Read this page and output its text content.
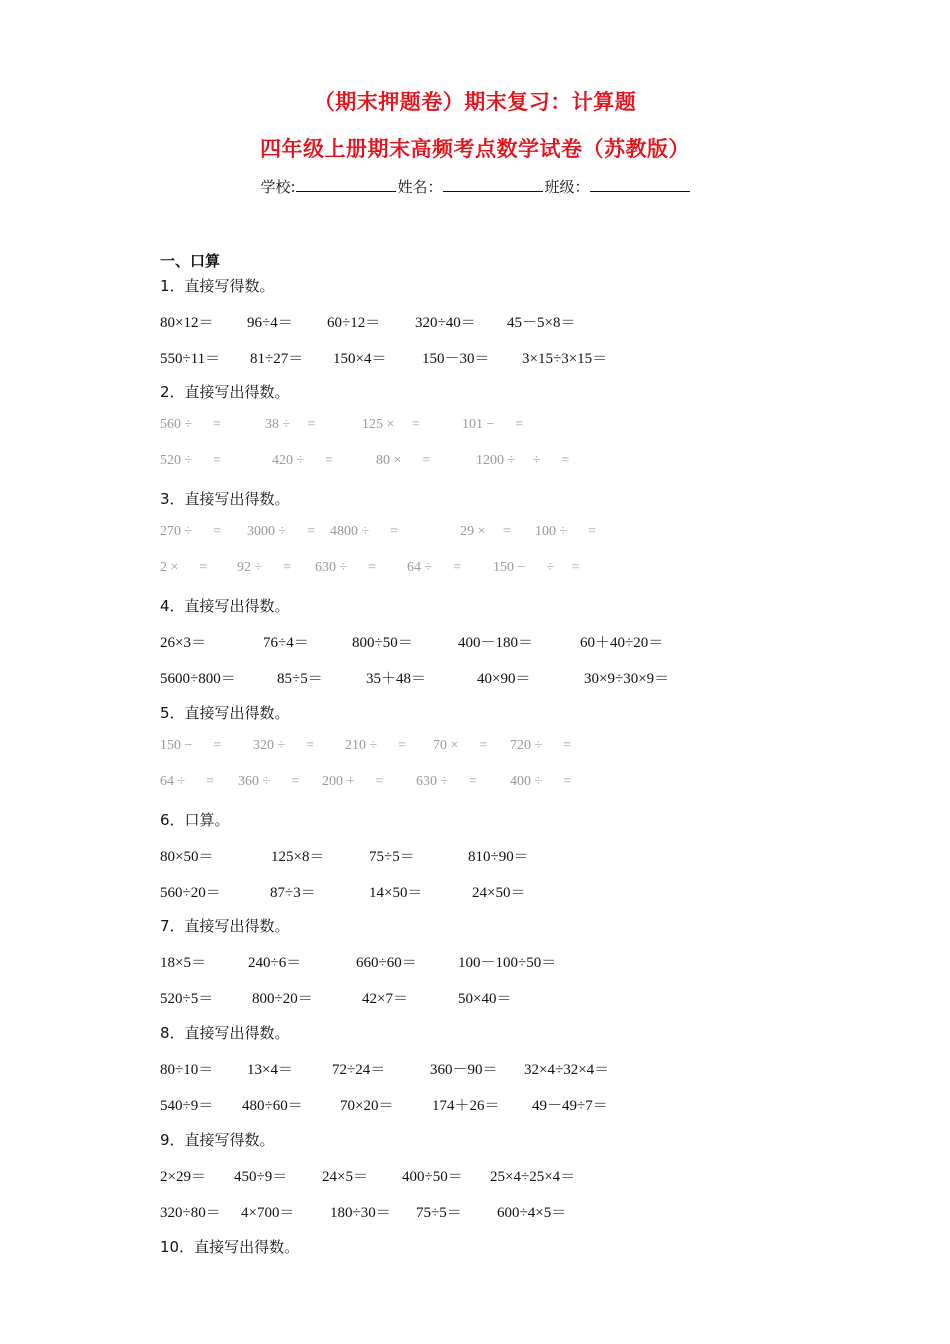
（期末押题卷）期末复习：计算题
四年级上册期末高频考点数学试卷（苏教版）
学校:	姓名：	班级：
一、口算
1．直接写得数。
80×12＝ 96÷4＝ 60÷12＝ 320÷40＝ 45－5×8＝
550÷11＝ 81÷27＝ 150×4＝ 150－30＝ 3×15÷3×15＝
2．直接写出得数。
560 ÷      =	38 ÷     =	125 ×     =	101 −      =
520 ÷      =	420 ÷      =	80 ×      =	1200 ÷     ÷      =
3．直接写出得数。
270 ÷      = 3000 ÷      = 4800 ÷      =	29 ×     = 100 ÷      =
2 ×      = 92 ÷      = 630 ÷      = 64 ÷      = 150 −      ÷     =
4．直接写出得数。
26×3＝	76÷4＝	800÷50＝	400－180＝	60＋40÷20＝
5600÷800＝	85÷5＝	35＋48＝	40×90＝	30×9÷30×9＝
5．直接写出得数。
150 −      = 320 ÷      = 210 ÷      = 70 ×      = 720 ÷      =
64 ÷      = 360 ÷      = 200 +      = 630 ÷      = 400 ÷      =
6．口算。
80×50＝	125×8＝	75÷5＝	810÷90＝
560÷20＝	87÷3＝	14×50＝	24×50＝
7．直接写出得数。
18×5＝	240÷6＝	660÷60＝	100－100÷50＝
520÷5＝	800÷20＝	42×7＝	50×40＝
8．直接写出得数。
80÷10＝ 13×4＝	72÷24＝	360－90＝ 32×4÷32×4＝
540÷9＝ 480÷60＝ 70×20＝	174＋26＝ 49－49÷7＝
9．直接写得数。
2×29＝ 450÷9＝ 24×5＝ 400÷50＝ 25×4÷25×4＝
320÷80＝ 4×700＝ 180÷30＝ 75÷5＝ 600÷4×5＝
10．直接写出得数。
